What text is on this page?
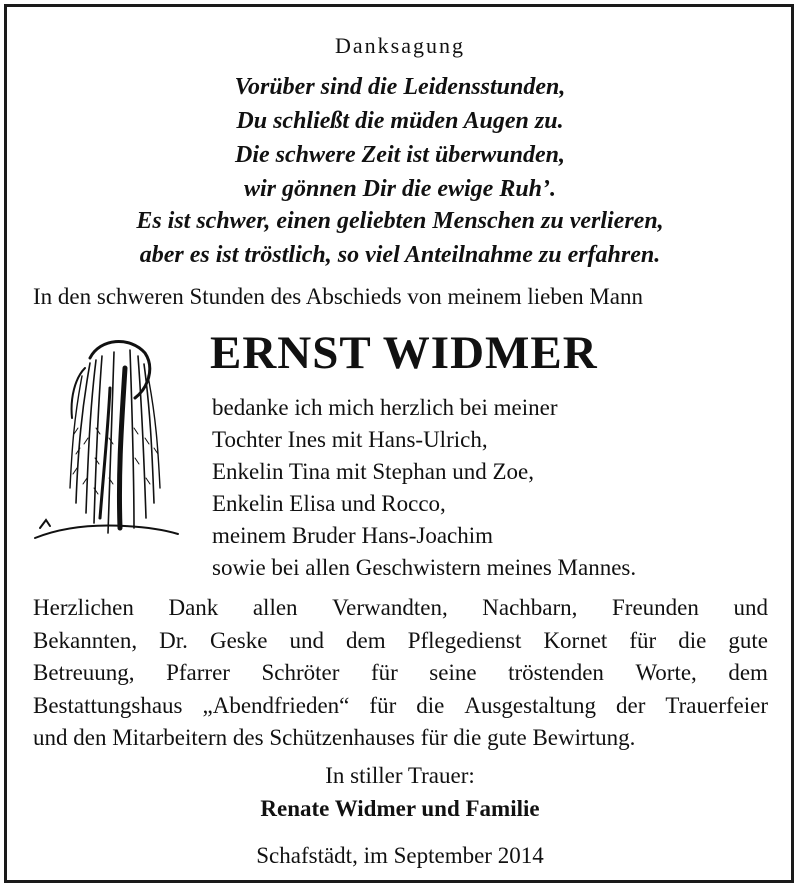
Danksagung
Vorüber sind die Leidensstunden,
Du schließt die müden Augen zu.
Die schwere Zeit ist überwunden,
wir gönnen Dir die ewige Ruh’.
Es ist schwer, einen geliebten Menschen zu verlieren,
aber es ist tröstlich, so viel Anteilnahme zu erfahren.
In den schweren Stunden des Abschieds von meinem lieben Mann
ERNST WIDMER
bedanke ich mich herzlich bei meiner
Tochter Ines mit Hans-Ulrich,
Enkelin Tina mit Stephan und Zoe,
Enkelin Elisa und Rocco,
meinem Bruder Hans-Joachim
sowie bei allen Geschwistern meines Mannes.
Herzlichen Dank allen Verwandten, Nachbarn, Freunden und
Bekannten, Dr. Geske und dem Pflegedienst Kornet für die gute
Betreuung, Pfarrer Schröter für seine tröstenden Worte, dem
Bestattungshaus „Abendfrieden“ für die Ausgestaltung der Trauerfeier
und den Mitarbeitern des Schützenhauses für die gute Bewirtung.
In stiller Trauer:
Renate Widmer und Familie
Schafstädt, im September 2014
